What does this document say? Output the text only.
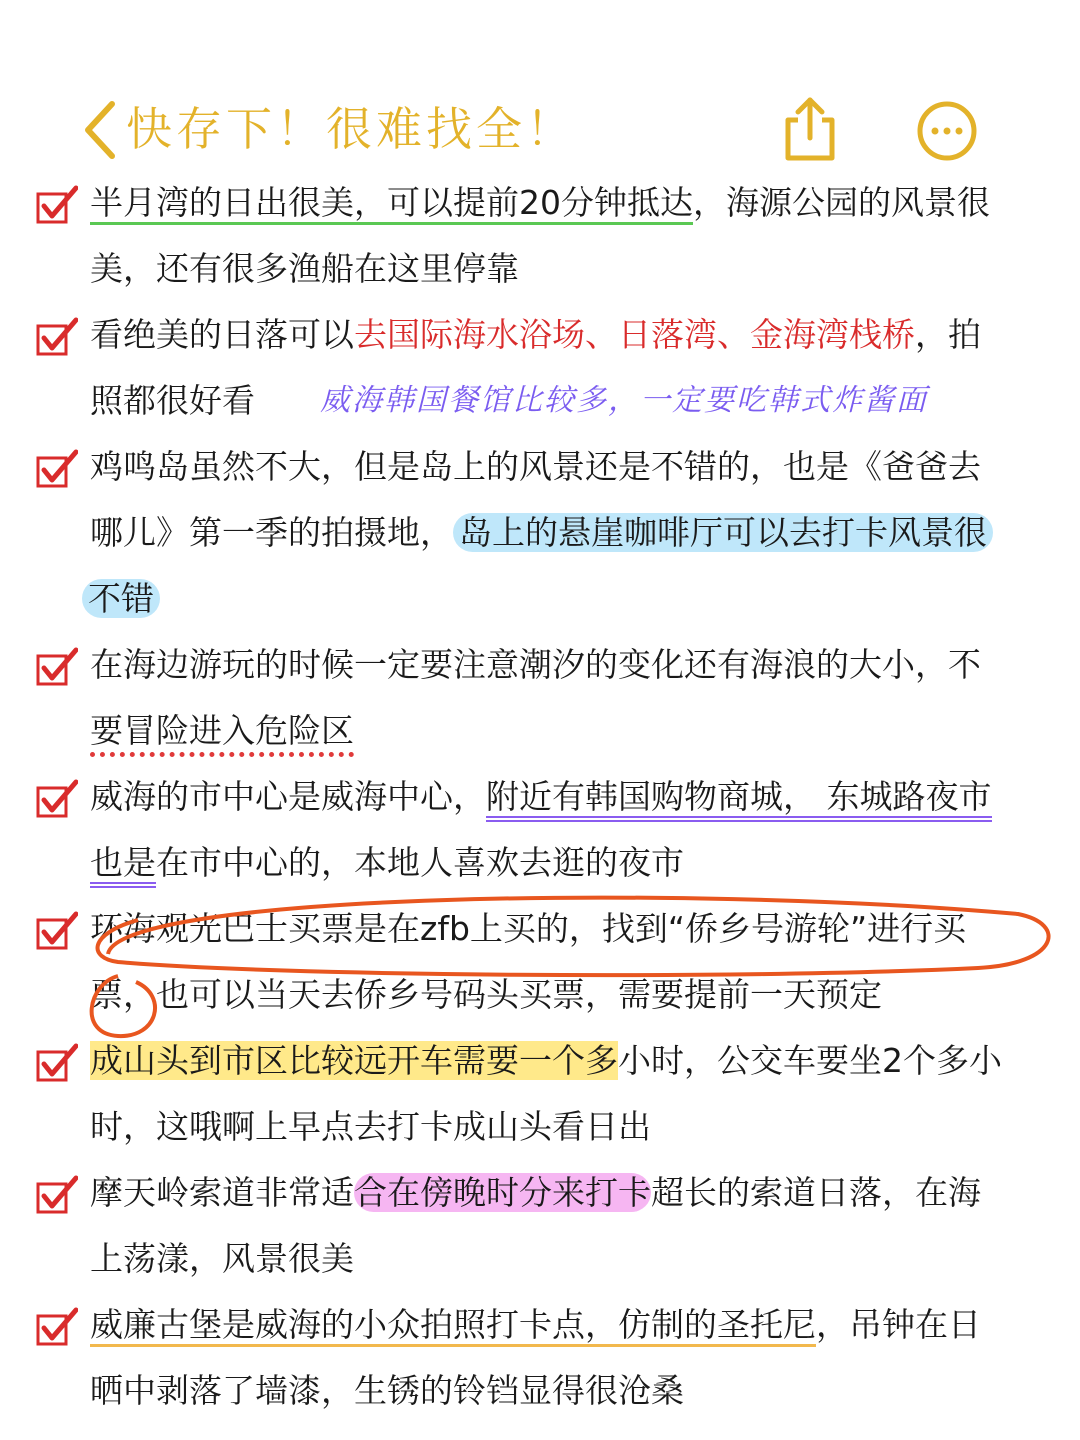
快存下！很难找全！
半月湾的日出很美，可以提前20分钟抵达，海源公园的风景很
美，还有很多渔船在这里停靠
看绝美的日落可以去国际海水浴场、日落湾、金海湾栈桥，拍
照都很好看 威海韩国餐馆比较多，一定要吃韩式炸酱面
鸡鸣岛虽然不大，但是岛上的风景还是不错的，也是《爸爸去
哪儿》第一季的拍摄地， 岛上的悬崖咖啡厅可以去打卡风景很
不错
在海边游玩的时候一定要注意潮汐的变化还有海浪的大小，不
要冒险进入危险区
威海的市中心是威海中心，附近有韩国购物商城， 东城路夜市
也是在市中心的，本地人喜欢去逛的夜市
环海观光巴士买票是在zfb上买的，找到“侨乡号游轮”进行买
票，也可以当天去侨乡号码头买票，需要提前一天预定
成山头到市区比较远开车需要一个多小时，公交车要坐2个多小
时，这哦啊上早点去打卡成山头看日出
摩天岭索道非常适合在傍晚时分来打卡超长的索道日落，在海
上荡漾，风景很美
威廉古堡是威海的小众拍照打卡点，仿制的圣托尼，吊钟在日
晒中剥落了墙漆，生锈的铃铛显得很沧桑
